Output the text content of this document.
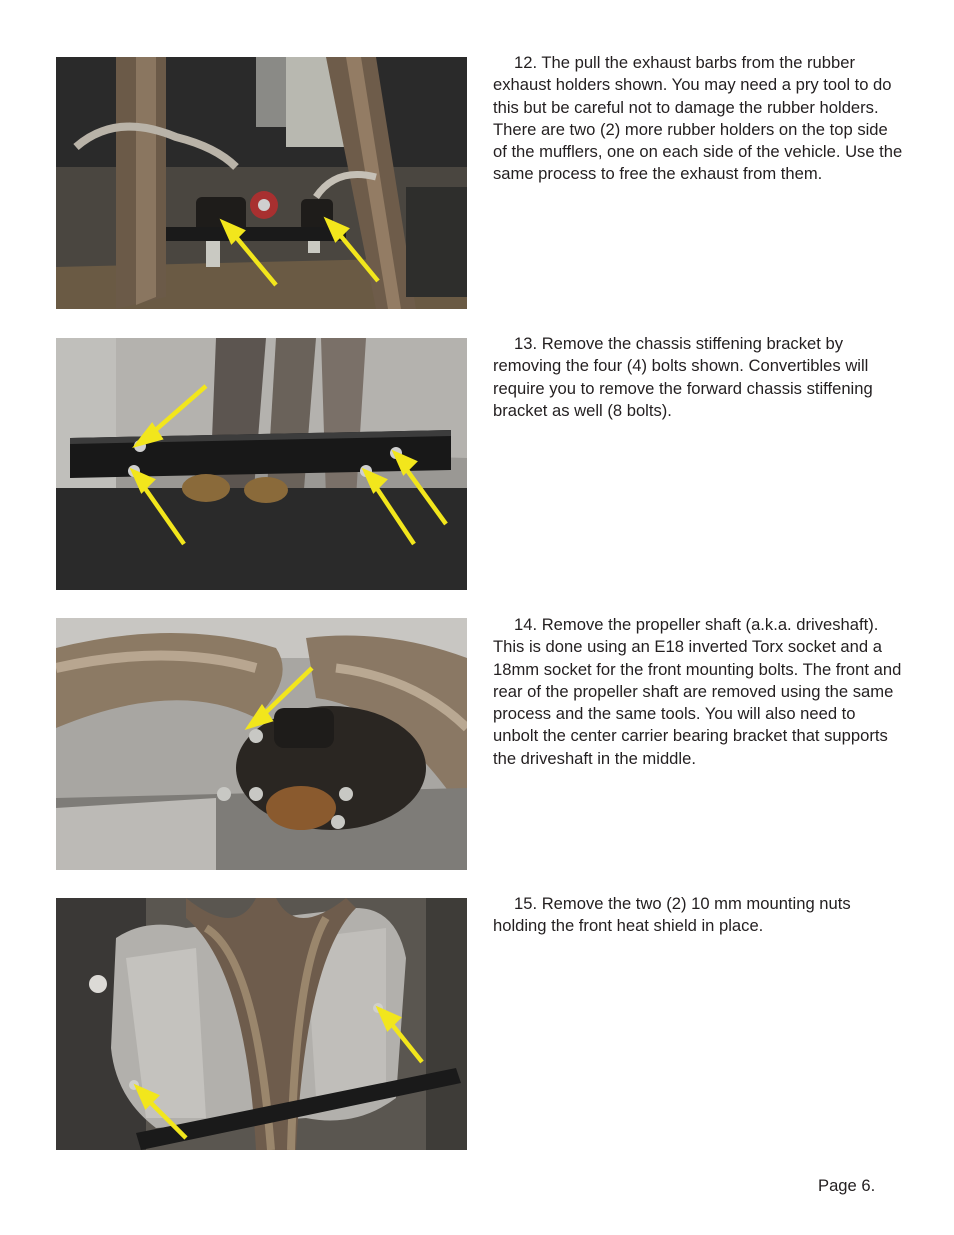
12. The pull the exhaust barbs from the rubber exhaust holders shown. You may need a pry tool to do this but be careful not to damage the rubber holders. There are two (2) more rubber holders on the top side of the mufflers, one on each side of the vehicle. Use the same process to free the exhaust from them.

13. Remove the chassis stiffening bracket by removing the four (4) bolts shown. Convertibles will require you to remove the forward chassis stiffening bracket as well (8 bolts).

14. Remove the propeller shaft (a.k.a. driveshaft). This is done using an E18 inverted Torx socket and a 18mm socket for the front mounting bolts. The front and rear of the propeller shaft are removed using the same process and the same tools. You will also need to unbolt the center carrier bearing bracket that supports the driveshaft in the middle.

15. Remove the two (2) 10 mm mounting nuts holding the front heat shield in place.

Page 6.
